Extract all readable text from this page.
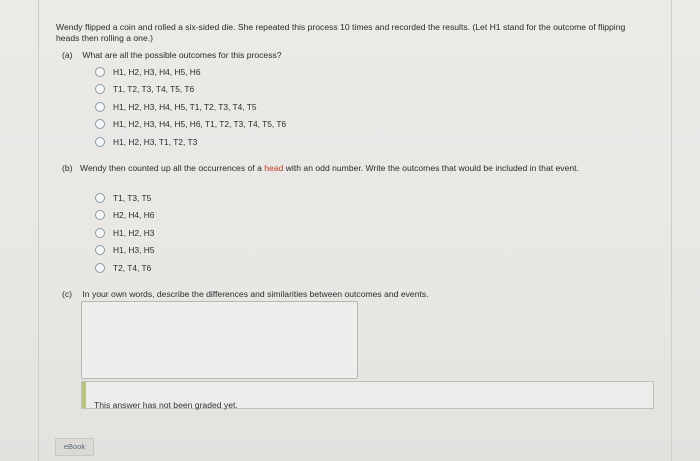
Wendy flipped a coin and rolled a six-sided die. She repeated this process 10 times and recorded the results. (Let H1 stand for the outcome of flipping heads then rolling a one.)
(a) What are all the possible outcomes for this process?
H1, H2, H3, H4, H5, H6
T1, T2, T3, T4, T5, T6
H1, H2, H3, H4, H5, T1, T2, T3, T4, T5
H1, H2, H3, H4, H5, H6, T1, T2, T3, T4, T5, T6
H1, H2, H3, T1, T2, T3
(b) Wendy then counted up all the occurrences of a head with an odd number. Write the outcomes that would be included in that event.
T1, T3, T5
H2, H4, H6
H1, H2, H3
H1, H3, H5
T2, T4, T6
(c) In your own words, describe the differences and similarities between outcomes and events.
This answer has not been graded yet.
eBook
